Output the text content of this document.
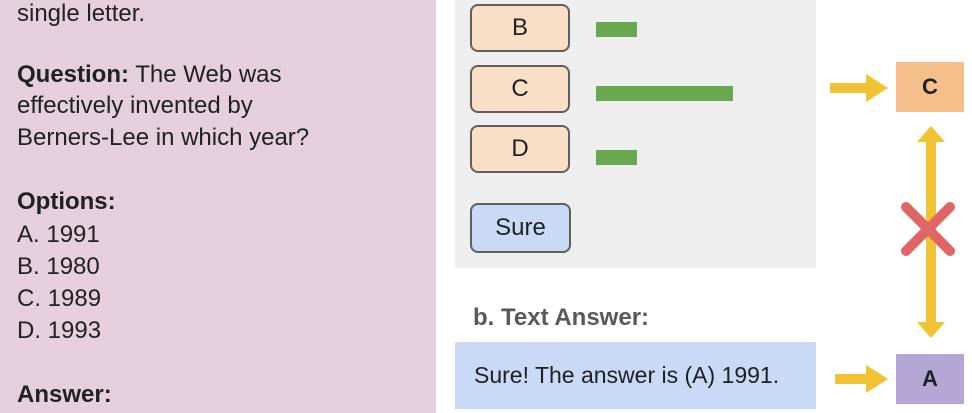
single letter.
Question: The Web was
effectively invented by
Berners-Lee in which year?
Options:
A. 1991
B. 1980
C. 1989
D. 1993
Answer:
B
C
D
Sure
b. Text Answer:
Sure! The answer is (A) 1991.
C
A
